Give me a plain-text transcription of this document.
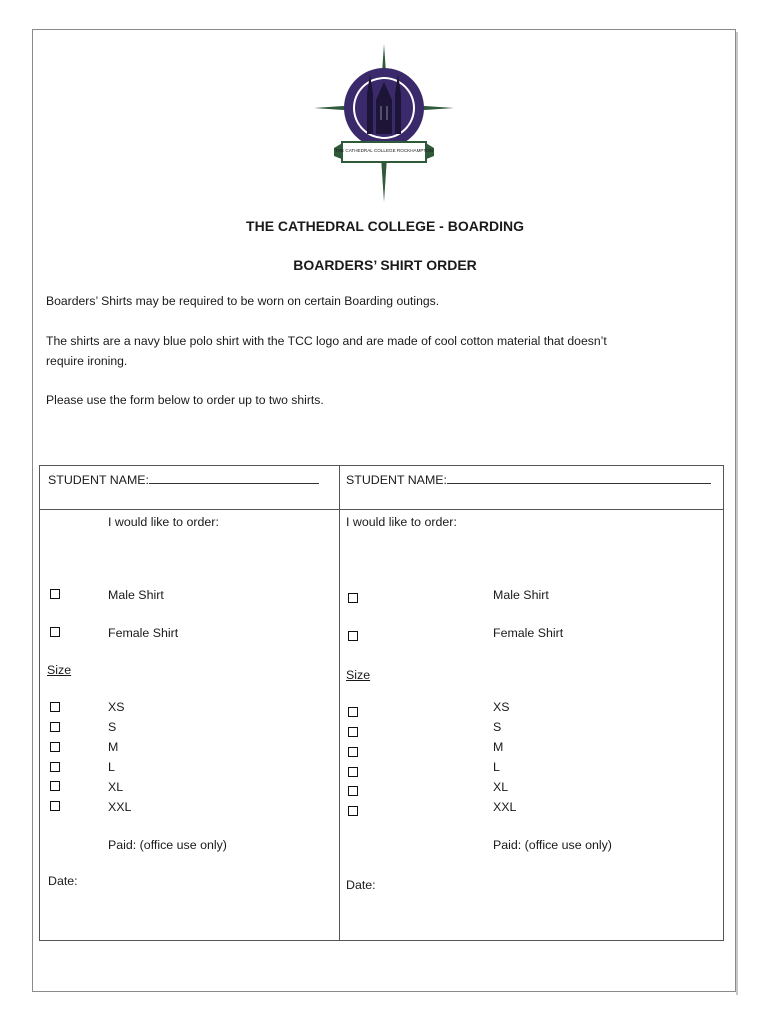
THE CATHEDRAL COLLEGE ROCKHAMPTON
THE CATHEDRAL COLLEGE - BOARDING
BOARDERS’ SHIRT ORDER
Boarders’ Shirts may be required to be worn on certain Boarding outings.
The shirts are a navy blue polo shirt with the TCC logo and are made of cool cotton material that doesn’t
require ironing.
Please use the form below to order up to two shirts.
STUDENT NAME:
I would like to order:
Male Shirt
Female Shirt
Size
XS
S
M
L
XL
XXL
Paid: (office use only)
Date:
STUDENT NAME:
I would like to order:
Male Shirt
Female Shirt
Size
XS
S
M
L
XL
XXL
Paid: (office use only)
Date:
